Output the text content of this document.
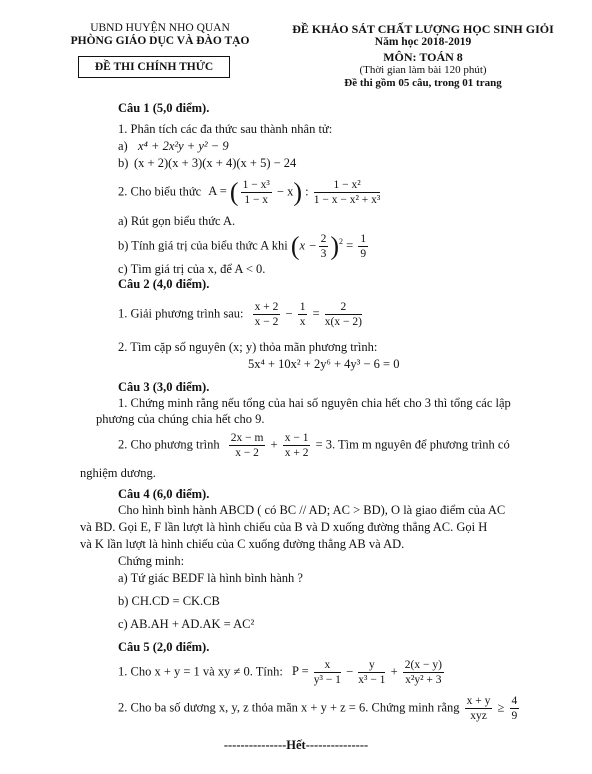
UBND HUYỆN NHO QUAN
PHÒNG GIÁO DỤC VÀ ĐÀO TẠO
ĐỀ THI CHÍNH THỨC
ĐỀ KHẢO SÁT CHẤT LƯỢNG HỌC SINH GIỎI
Năm học 2018-2019
MÔN: TOÁN 8
(Thời gian làm bài 120 phút)
Đề thi gồm 05 câu, trong 01 trang
Câu 1 (5,0 điểm).
1. Phân tích các đa thức sau thành nhân tử:
a) x⁴ + 2x²y + y² − 9
b) (x + 2)(x + 3)(x + 4)(x + 5) − 24
2. Cho biểu thức A = ( $\frac{\text{1 − x³}}{1 - x} - x$) : $\frac{\text{1 − x²}}{\text{1 − x − x² + x³}}$
a) Rút gọn biểu thức A.
b) Tính giá trị của biểu thức A khi $(x - \frac{2}{3} )^2 = \frac{1}{9}$
c) Tìm giá trị của x, để A < 0.
Câu 2 (4,0 điểm).
1. Giải phương trình sau: $\frac{x + 2}{x - 2} - \frac{1}{x} = \frac{2}{x(x - 2)}$
2. Tìm cặp số nguyên (x; y) thỏa mãn phương trình:
5x⁴ + 10x² + 2y⁶ + 4y³ − 6 = 0
Câu 3 (3,0 điểm).
1. Chứng minh rằng nếu tổng của hai số nguyên chia hết cho 3 thì tổng các lập
phương của chúng chia hết cho 9.
2. Cho phương trình $\frac{2x - m}{x - 2} + \frac{x - 1}{x + 2} = 3$. Tìm m nguyên để phương trình có
nghiệm dương.
Câu 4 (6,0 điểm).
Cho hình bình hành ABCD ( có BC // AD; AC > BD), O là giao điểm của AC
và BD. Gọi E, F lần lượt là hình chiếu của B và D xuống đường thẳng AC. Gọi H
và K lần lượt là hình chiếu của C xuống đường thẳng AB và AD.
Chứng minh:
a) Tứ giác BEDF là hình bình hành ?
b) CH.CD = CK.CB
c) AB.AH + AD.AK = AC²
Câu 5 (2,0 điểm).
1. Cho x + y = 1 và xy ≠ 0. Tính: $P = \frac{x}{\text{y³ − 1}} - \frac{y}{\text{x³ − 1}} + \frac{2(x - y)}{\text{x²y² + 3}}$
2. Cho ba số dương x, y, z thỏa mãn x + y + z = 6. Chứng minh rằng $\frac{x + y}{\text{xyz}} \ge \frac{4}{9}$
---------------Hết---------------
